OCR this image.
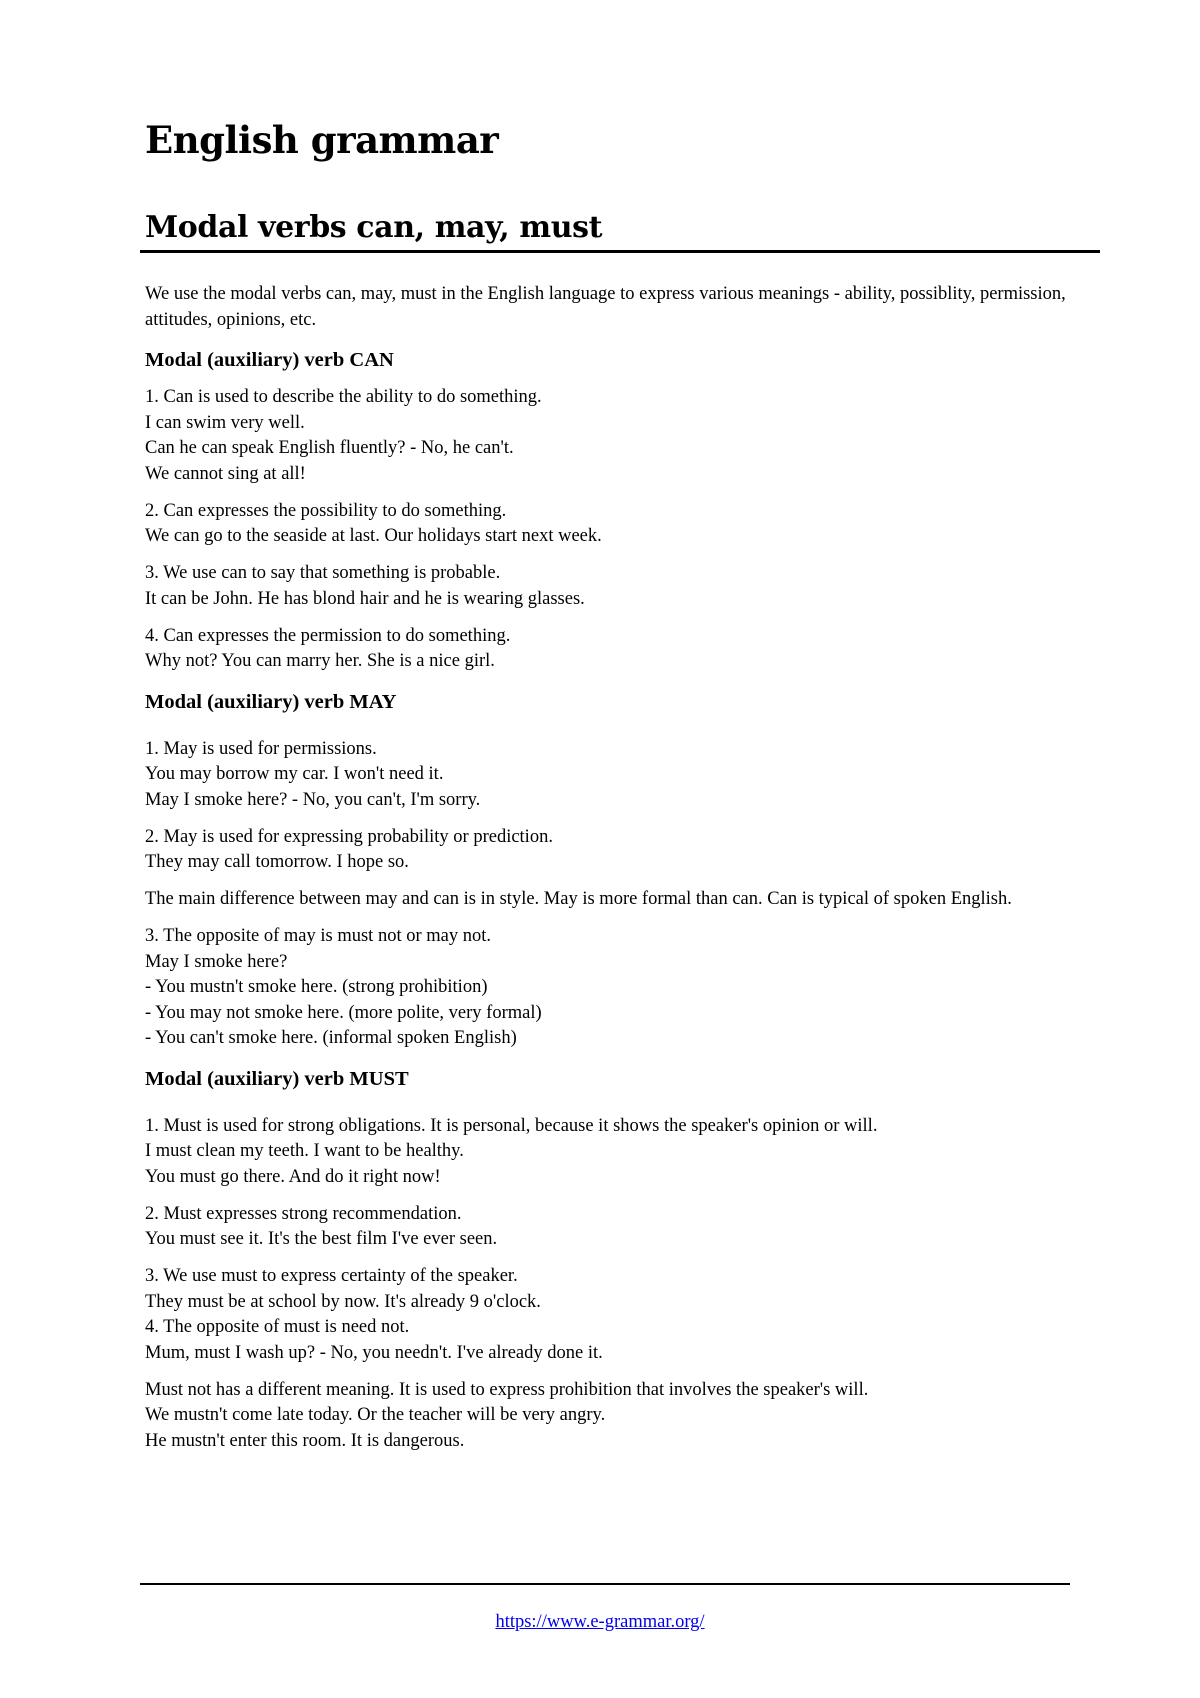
English grammar
Modal verbs can, may, must

We use the modal verbs can, may, must in the English language to express various meanings - ability, possiblity, permission, attitudes, opinions, etc.

Modal (auxiliary) verb CAN

1. Can is used to describe the ability to do something.
I can swim very well.
Can he can speak English fluently? - No, he can't.
We cannot sing at all!

2. Can expresses the possibility to do something.
We can go to the seaside at last. Our holidays start next week.

3. We use can to say that something is probable.
It can be John. He has blond hair and he is wearing glasses.

4. Can expresses the permission to do something.
Why not? You can marry her. She is a nice girl.

Modal (auxiliary) verb MAY

1. May is used for permissions.
You may borrow my car. I won't need it.
May I smoke here? - No, you can't, I'm sorry.

2. May is used for expressing probability or prediction.
They may call tomorrow. I hope so.

The main difference between may and can is in style. May is more formal than can. Can is typical of spoken English.

3. The opposite of may is must not or may not.
May I smoke here?
- You mustn't smoke here. (strong prohibition)
- You may not smoke here. (more polite, very formal)
- You can't smoke here. (informal spoken English)

Modal (auxiliary) verb MUST

1. Must is used for strong obligations. It is personal, because it shows the speaker's opinion or will.
I must clean my teeth. I want to be healthy.
You must go there. And do it right now!

2. Must expresses strong recommendation.
You must see it. It's the best film I've ever seen.

3. We use must to express certainty of the speaker.
They must be at school by now. It's already 9 o'clock.
4. The opposite of must is need not.
Mum, must I wash up? - No, you needn't. I've already done it.

Must not has a different meaning. It is used to express prohibition that involves the speaker's will.
We mustn't come late today. Or the teacher will be very angry.
He mustn't enter this room. It is dangerous.

https://www.e-grammar.org/
